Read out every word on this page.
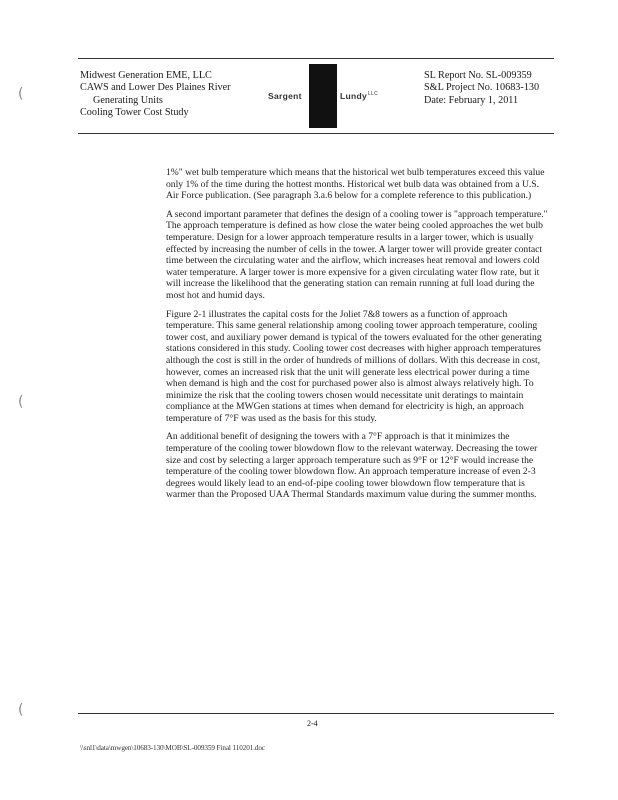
(
(
(
Midwest Generation EME, LLC
CAWS and Lower Des Plaines River
Generating Units
Cooling Tower Cost Study
Sargent	Lundy$^{LLC}$
SL Report No. SL-009359
S&L Project No. 10683-130
Date: February 1, 2011

1%" wet bulb temperature which means that the historical wet bulb temperatures exceed this value only 1% of the time during the hottest months. Historical wet bulb data was obtained from a U.S. Air Force publication. (See paragraph 3.a.6 below for a complete reference to this publication.)

A second important parameter that defines the design of a cooling tower is "approach temperature." The approach temperature is defined as how close the water being cooled approaches the wet bulb temperature. Design for a lower approach temperature results in a larger tower, which is usually effected by increasing the number of cells in the tower. A larger tower will provide greater contact time between the circulating water and the airflow, which increases heat removal and lowers cold water temperature. A larger tower is more expensive for a given circulating water flow rate, but it will increase the likelihood that the generating station can remain running at full load during the most hot and humid days.

Figure 2-1 illustrates the capital costs for the Joliet 7&8 towers as a function of approach temperature. This same general relationship among cooling tower approach temperature, cooling tower cost, and auxiliary power demand is typical of the towers evaluated for the other generating stations considered in this study. Cooling tower cost decreases with higher approach temperatures although the cost is still in the order of hundreds of millions of dollars. With this decrease in cost, however, comes an increased risk that the unit will generate less electrical power during a time when demand is high and the cost for purchased power also is almost always relatively high. To minimize the risk that the cooling towers chosen would necessitate unit deratings to maintain compliance at the MWGen stations at times when demand for electricity is high, an approach temperature of 7°F was used as the basis for this study.

An additional benefit of designing the towers with a 7°F approach is that it minimizes the temperature of the cooling tower blowdown flow to the relevant waterway. Decreasing the tower size and cost by selecting a larger approach temperature such as 9°F or 12°F would increase the temperature of the cooling tower blowdown flow. An approach temperature increase of even 2-3 degrees would likely lead to an end-of-pipe cooling tower blowdown flow temperature that is warmer than the Proposed UAA Thermal Standards maximum value during the summer months.

2-4
\\snl1\data\mwgen\10683-130\MOB\SL-009359 Final 110201.doc
